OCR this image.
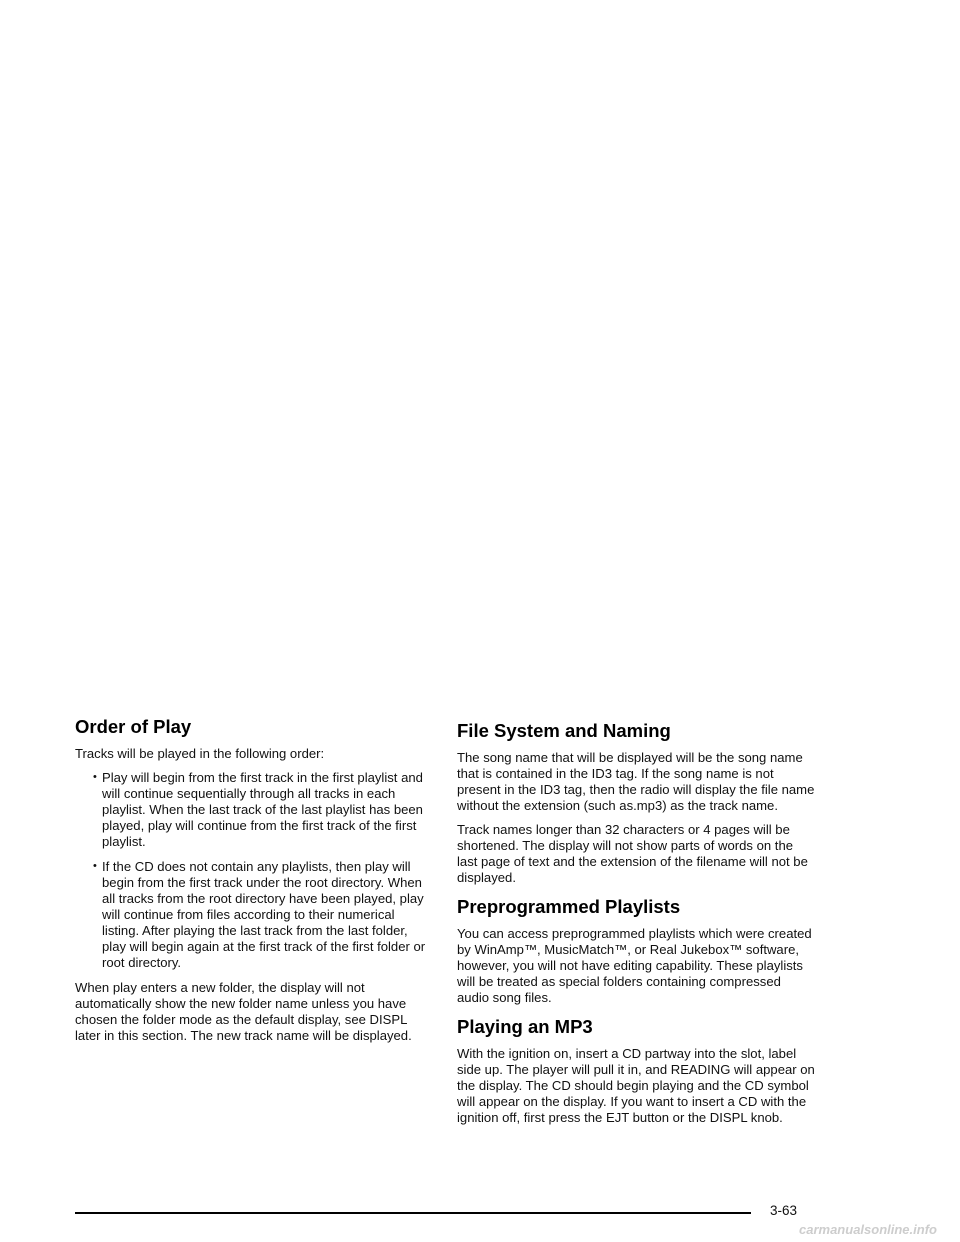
Order of Play

Tracks will be played in the following order:

• Play will begin from the first track in the first playlist and will continue sequentially through all tracks in each playlist. When the last track of the last playlist has been played, play will continue from the first track of the first playlist.
• If the CD does not contain any playlists, then play will begin from the first track under the root directory. When all tracks from the root directory have been played, play will continue from files according to their numerical listing. After playing the last track from the last folder, play will begin again at the first track of the first folder or root directory.

When play enters a new folder, the display will not automatically show the new folder name unless you have chosen the folder mode as the default display, see DISPL later in this section. The new track name will be displayed.

File System and Naming

The song name that will be displayed will be the song name that is contained in the ID3 tag. If the song name is not present in the ID3 tag, then the radio will display the file name without the extension (such as.mp3) as the track name.

Track names longer than 32 characters or 4 pages will be shortened. The display will not show parts of words on the last page of text and the extension of the filename will not be displayed.

Preprogrammed Playlists

You can access preprogrammed playlists which were created by WinAmp™, MusicMatch™, or Real Jukebox™ software, however, you will not have editing capability. These playlists will be treated as special folders containing compressed audio song files.

Playing an MP3

With the ignition on, insert a CD partway into the slot, label side up. The player will pull it in, and READING will appear on the display. The CD should begin playing and the CD symbol will appear on the display. If you want to insert a CD with the ignition off, first press the EJT button or the DISPL knob.

3-63
carmanualsonline.info
